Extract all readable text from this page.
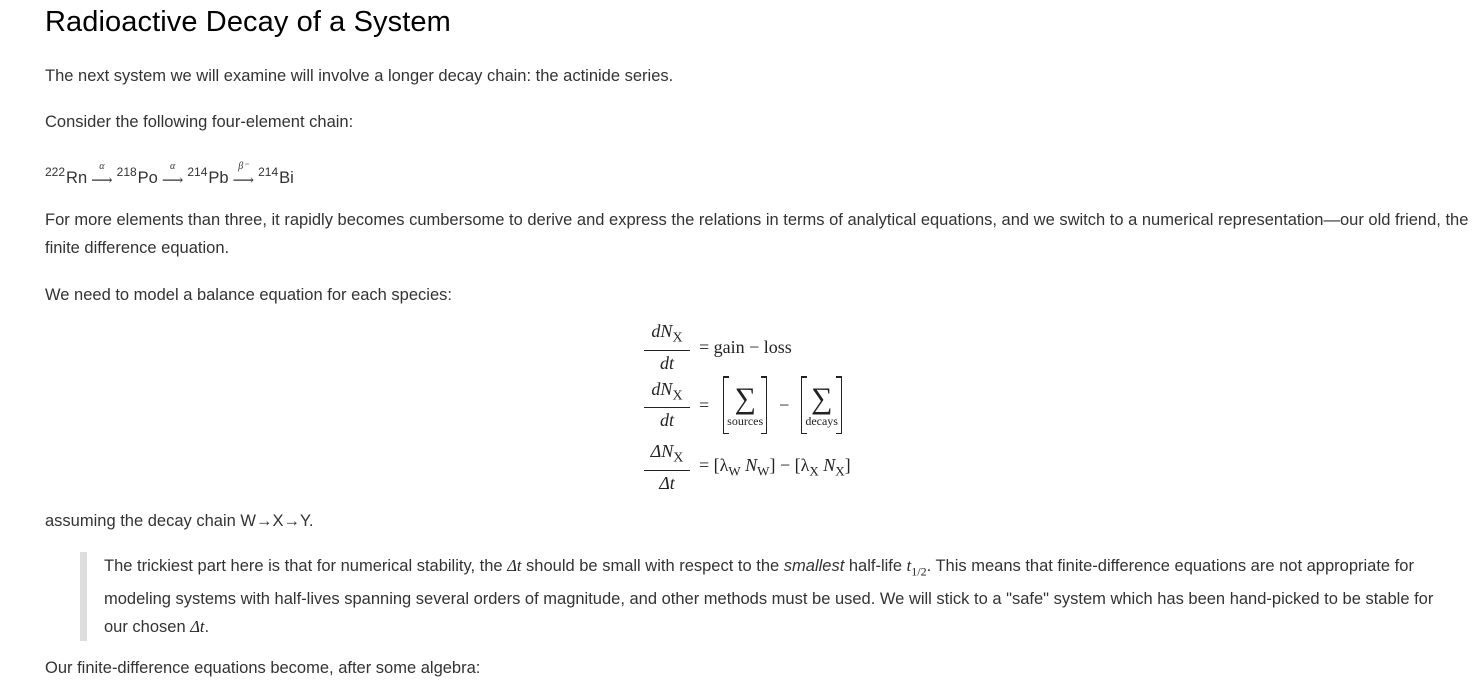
Radioactive Decay of a System

The next system we will examine will involve a longer decay chain: the actinide series.

Consider the following four-element chain:

222 Rn
α
⟶ 218 Po
α
⟶ 214 Pb
β⁻
⟶ 214 Bi

For more elements than three, it rapidly becomes cumbersome to derive and express the relations in terms of analytical equations, and we switch to a numerical representation—our old friend, the finite difference equation.

We need to model a balance equation for each species:

$\frac{dN_X}{dt}$ = gain − loss
$\frac{dN_X}{dt}$ = ∑
sources
− ∑
decays
$\frac{\Delta N_X}{\Delta t} = [\lambda_W$ $N_W] - [\lambda_X$ $N_X$]

assuming the decay chain W→X→Y.

The trickiest part here is that for numerical stability, the Δt should be small with respect to the smallest half-life $t_{1/2}$. This means that finite-difference equations are not appropriate for modeling systems with half-lives spanning several orders of magnitude, and other methods must be used. We will stick to a "safe" system which has been hand-picked to be stable for our chosen Δt.

Our finite-difference equations become, after some algebra:
